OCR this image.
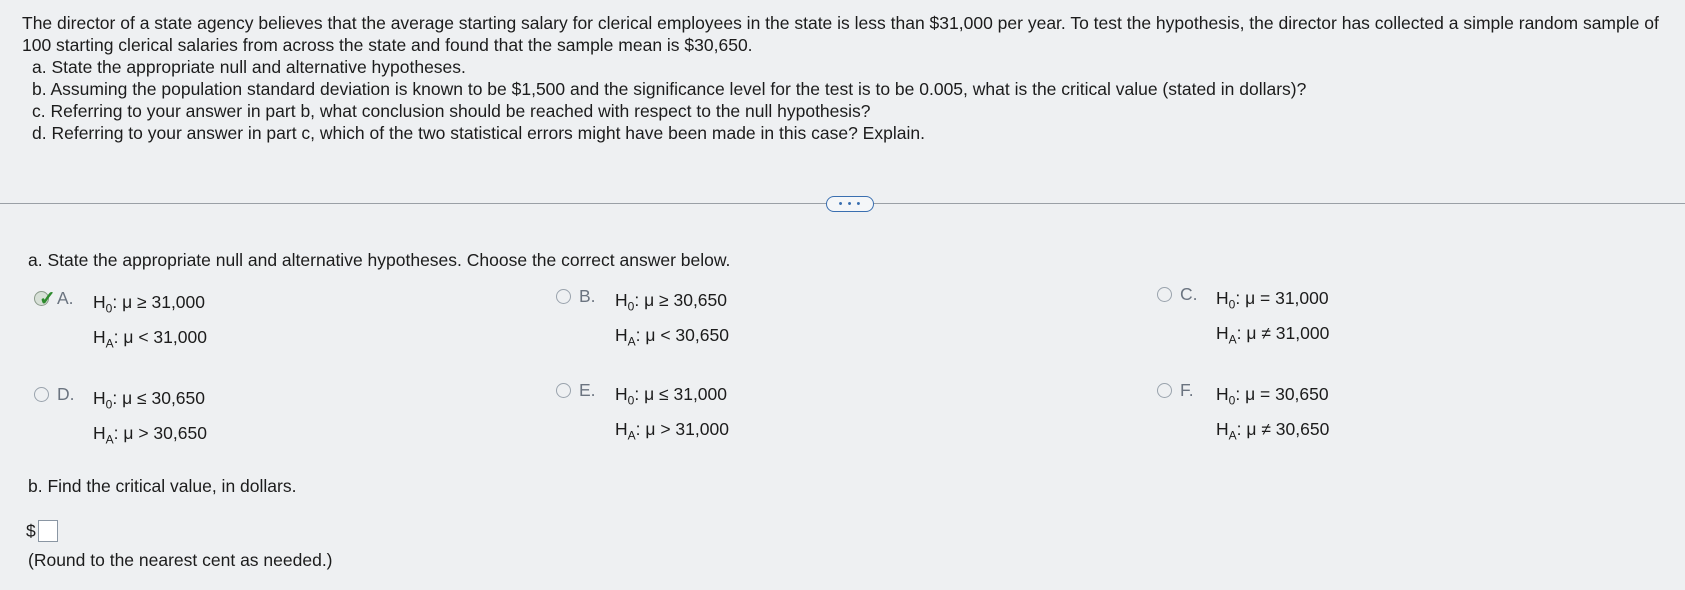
The director of a state agency believes that the average starting salary for clerical employees in the state is less than $31,000 per year. To test the hypothesis, the director has collected a simple random sample of 100 starting clerical salaries from across the state and found that the sample mean is $30,650.

a. State the appropriate null and alternative hypotheses.
b. Assuming the population standard deviation is known to be $1,500 and the significance level for the test is to be 0.005, what is the critical value (stated in dollars)?
c. Referring to your answer in part b, what conclusion should be reached with respect to the null hypothesis?
d. Referring to your answer in part c, which of the two statistical errors might have been made in this case? Explain.
• • •
a. State the appropriate null and alternative hypotheses. Choose the correct answer below.
✓ A.	$H_0$: μ ≥ 31,000
$H_A$: μ < 31,000
B.	$H_0$: μ ≥ 30,650
$H_A$: μ < 30,650
C. $H_0$: μ = 31,000
$H_A$: μ ≠ 31,000
D. $H_0$: μ ≤ 30,650
$H_A$: μ > 30,650
E.	$H_0$: μ ≤ 31,000
$H_A$: μ > 31,000
F.	$H_0$: μ = 30,650
$H_A$: μ ≠ 30,650
b. Find the critical value, in dollars.
$
(Round to the nearest cent as needed.)
